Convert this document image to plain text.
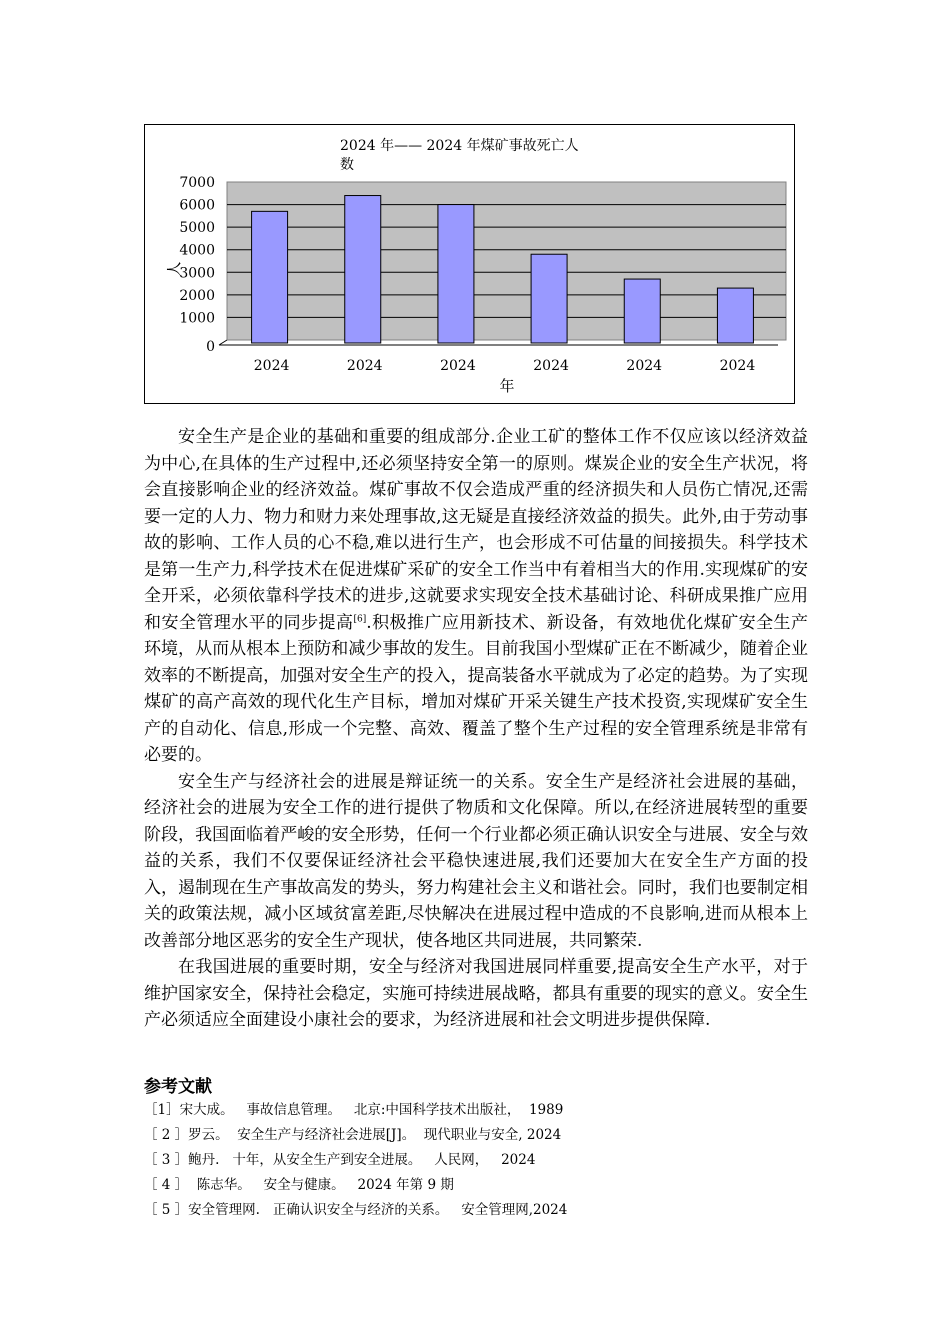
7000
6000
5000
4000
3000
2000
1000
0
2024	2024	2024	2024	2024	2024
年
人
2024 年—— 2024 年煤矿事故死亡人
数

安全生产是企业的基础和重要的组成部分.企业工矿的整体工作不仅应该以经济效益为中心,在具体的生产过程中,还必须坚持安全第一的原则。煤炭企业的安全生产状况，将会直接影响企业的经济效益。煤矿事故不仅会造成严重的经济损失和人员伤亡情况,还需要一定的人力、物力和财力来处理事故,这无疑是直接经济效益的损失。此外,由于劳动事故的影响、工作人员的心不稳,难以进行生产，也会形成不可估量的间接损失。科学技术是第一生产力,科学技术在促进煤矿采矿的安全工作当中有着相当大的作用.实现煤矿的安全开采，必须依靠科学技术的进步,这就要求实现安全技术基础讨论、科研成果推广应用和安全管理水平的同步提高[6].积极推广应用新技术、新设备，有效地优化煤矿安全生产环境，从而从根本上预防和减少事故的发生。目前我国小型煤矿正在不断减少，随着企业效率的不断提高，加强对安全生产的投入，提高装备水平就成为了必定的趋势。为了实现煤矿的高产高效的现代化生产目标，增加对煤矿开采关键生产技术投资,实现煤矿安全生产的自动化、信息,形成一个完整、高效、覆盖了整个生产过程的安全管理系统是非常有必要的。

安全生产与经济社会的进展是辩证统一的关系。安全生产是经济社会进展的基础， 经济社会的进展为安全工作的进行提供了物质和文化保障。所以,在经济进展转型的重要阶段，我国面临着严峻的安全形势，任何一个行业都必须正确认识安全与进展、安全与效益的关系，我们不仅要保证经济社会平稳快速进展,我们还要加大在安全生产方面的投入，遏制现在生产事故高发的势头，努力构建社会主义和谐社会。同时，我们也要制定相关的政策法规，减小区域贫富差距,尽快解决在进展过程中造成的不良影响,进而从根本上改善部分地区恶劣的安全生产现状，使各地区共同进展，共同繁荣.

在我国进展的重要时期，安全与经济对我国进展同样重要,提高安全生产水平，对于维护国家安全，保持社会稳定，实施可持续进展战略，都具有重要的现实的意义。安全生产必须适应全面建设小康社会的要求，为经济进展和社会文明进步提供保障.

参考文献
［1］宋大成。   事故信息管理。   北京:中国科学技术出版社，  1989
［ 2 ］罗云。  安全生产与经济社会进展[J]。  现代职业与安全, 2024
［ 3 ］鲍丹.   十年，从安全生产到安全进展。   人民网，   2024
［ 4 ］  陈志华。   安全与健康。   2024 年第 9 期
［ 5 ］安全管理网.   正确认识安全与经济的关系。   安全管理网,2024
